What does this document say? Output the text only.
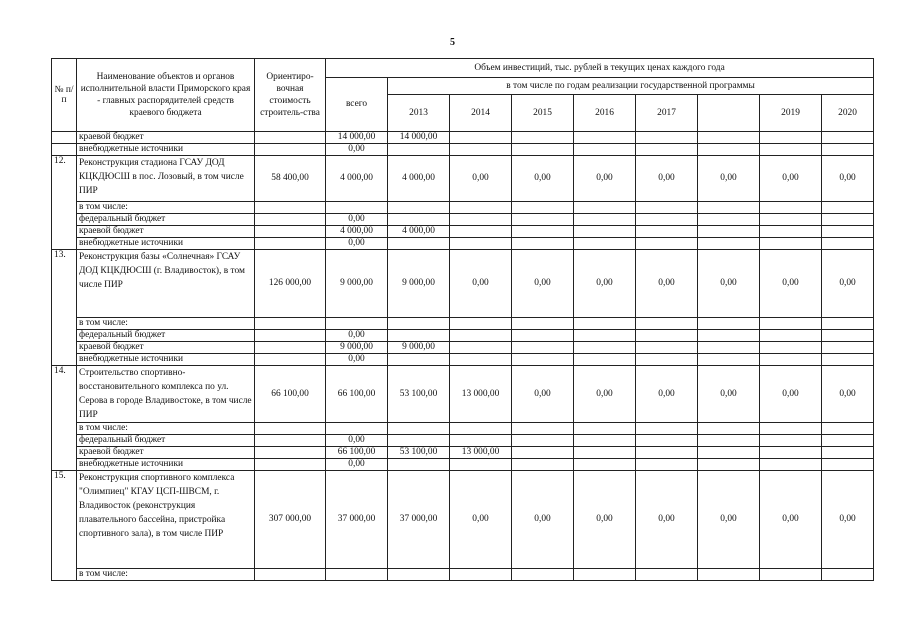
5
№ п/п	Наименование объектов и органов исполнительной власти Приморского края - главных распорядителей средств краевого бюджета	Ориентиро-вочная стоимость строитель-ства	Объем инвестиций, тыс. рублей в текущих ценах каждого года								
			всего	в том числе по годам реализации государственной программы							
				2013	2014	2015	2016	2017		2019	2020
	краевой бюджет		14 000,00	14 000,00							
	внебюджетные источники		0,00								
12.	Реконструкция стадиона ГСАУ ДОД КЦКДЮСШ в пос. Лозовый, в том числе ПИР	58 400,00	4 000,00	4 000,00	0,00	0,00	0,00	0,00	0,00	0,00	0,00
	в том числе:										
	федеральный бюджет		0,00								
	краевой бюджет		4 000,00	4 000,00							
	внебюджетные источники		0,00								
13.	Реконструкция базы «Солнечная» ГСАУ ДОД КЦКДЮСШ (г. Владивосток), в том числе ПИР	126 000,00	9 000,00	9 000,00	0,00	0,00	0,00	0,00	0,00	0,00	0,00
	в том числе:										
	федеральный бюджет		0,00								
	краевой бюджет		9 000,00	9 000,00							
	внебюджетные источники		0,00								
14.	Строительство спортивно-восстановительного комплекса по ул. Серова в городе Владивостоке, в том числе ПИР	66 100,00	66 100,00	53 100,00	13 000,00	0,00	0,00	0,00	0,00	0,00	0,00
	в том числе:										
	федеральный бюджет		0,00								
	краевой бюджет		66 100,00	53 100,00	13 000,00						
	внебюджетные источники		0,00								
15.	Реконструкция спортивного комплекса "Олимпиец" КГАУ ЦСП-ШВСМ, г. Владивосток (реконструкция плавательного бассейна, пристройка спортивного зала), в том числе ПИР	307 000,00	37 000,00	37 000,00	0,00	0,00	0,00	0,00	0,00	0,00	0,00
	в том числе:										
